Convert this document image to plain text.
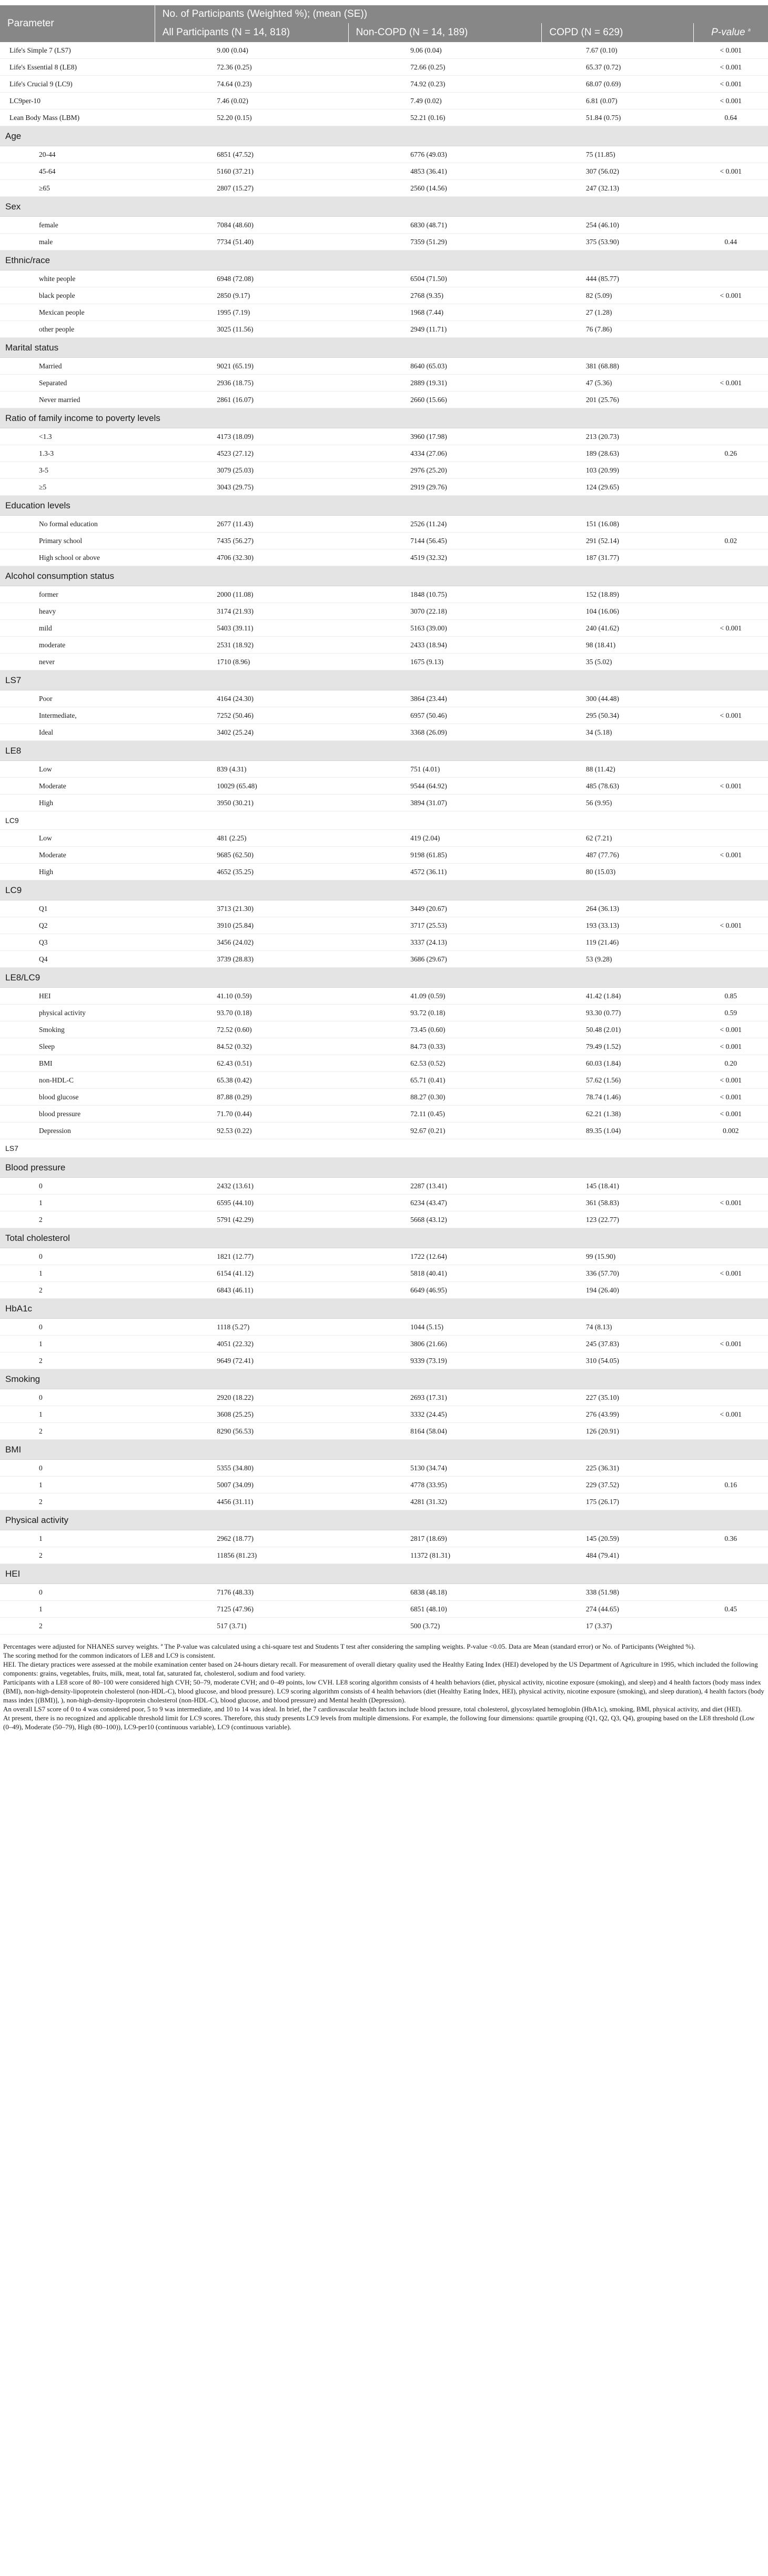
Parameter	No. of Participants (Weighted %); (mean (SE))			
	All Participants (N = 14, 818)	Non-COPD (N = 14, 189)	COPD (N = 629)	P-value $^a$
Life's Simple 7 (LS7)	9.00 (0.04)	9.06 (0.04)	7.67 (0.10)	< 0.001
Life's Essential 8 (LE8)	72.36 (0.25)	72.66 (0.25)	65.37 (0.72)	< 0.001
Life's Crucial 9 (LC9)	74.64 (0.23)	74.92 (0.23)	68.07 (0.69)	< 0.001
LC9per-10	7.46 (0.02)	7.49 (0.02)	6.81 (0.07)	< 0.001
Lean Body Mass (LBM)	52.20 (0.15)	52.21 (0.16)	51.84 (0.75)	0.64
Age				
20-44	6851 (47.52)	6776 (49.03)	75 (11.85)	
45-64	5160 (37.21)	4853 (36.41)	307 (56.02)	< 0.001
≥65	2807 (15.27)	2560 (14.56)	247 (32.13)	
Sex				
female	7084 (48.60)	6830 (48.71)	254 (46.10)	
male	7734 (51.40)	7359 (51.29)	375 (53.90)	0.44
Ethnic/race				
white people	6948 (72.08)	6504 (71.50)	444 (85.77)	
black people	2850 (9.17)	2768 (9.35)	82 (5.09)	< 0.001
Mexican people	1995 (7.19)	1968 (7.44)	27 (1.28)	
other people	3025 (11.56)	2949 (11.71)	76 (7.86)	
Marital status				
Married	9021 (65.19)	8640 (65.03)	381 (68.88)	
Separated	2936 (18.75)	2889 (19.31)	47 (5.36)	< 0.001
Never married	2861 (16.07)	2660 (15.66)	201 (25.76)	
Ratio of family income to poverty levels				
<1.3	4173 (18.09)	3960 (17.98)	213 (20.73)	
1.3-3	4523 (27.12)	4334 (27.06)	189 (28.63)	0.26
3-5	3079 (25.03)	2976 (25.20)	103 (20.99)	
≥5	3043 (29.75)	2919 (29.76)	124 (29.65)	
Education levels				
No formal education	2677 (11.43)	2526 (11.24)	151 (16.08)	
Primary school	7435 (56.27)	7144 (56.45)	291 (52.14)	0.02
High school or above	4706 (32.30)	4519 (32.32)	187 (31.77)	
Alcohol consumption status				
former	2000 (11.08)	1848 (10.75)	152 (18.89)	
heavy	3174 (21.93)	3070 (22.18)	104 (16.06)	
mild	5403 (39.11)	5163 (39.00)	240 (41.62)	< 0.001
moderate	2531 (18.92)	2433 (18.94)	98 (18.41)	
never	1710 (8.96)	1675 (9.13)	35 (5.02)	
LS7				
Poor	4164 (24.30)	3864 (23.44)	300 (44.48)	
Intermediate,	7252 (50.46)	6957 (50.46)	295 (50.34)	< 0.001
Ideal	3402 (25.24)	3368 (26.09)	34 (5.18)	
LE8				
Low	839 (4.31)	751 (4.01)	88 (11.42)	
Moderate	10029 (65.48)	9544 (64.92)	485 (78.63)	< 0.001
High	3950 (30.21)	3894 (31.07)	56 (9.95)	
LC9				
Low	481 (2.25)	419 (2.04)	62 (7.21)	
Moderate	9685 (62.50)	9198 (61.85)	487 (77.76)	< 0.001
High	4652 (35.25)	4572 (36.11)	80 (15.03)	
LC9				
Q1	3713 (21.30)	3449 (20.67)	264 (36.13)	
Q2	3910 (25.84)	3717 (25.53)	193 (33.13)	< 0.001
Q3	3456 (24.02)	3337 (24.13)	119 (21.46)	
Q4	3739 (28.83)	3686 (29.67)	53 (9.28)	
LE8/LC9				
HEI	41.10 (0.59)	41.09 (0.59)	41.42 (1.84)	0.85
physical activity	93.70 (0.18)	93.72 (0.18)	93.30 (0.77)	0.59
Smoking	72.52 (0.60)	73.45 (0.60)	50.48 (2.01)	< 0.001
Sleep	84.52 (0.32)	84.73 (0.33)	79.49 (1.52)	< 0.001
BMI	62.43 (0.51)	62.53 (0.52)	60.03 (1.84)	0.20
non-HDL-C	65.38 (0.42)	65.71 (0.41)	57.62 (1.56)	< 0.001
blood glucose	87.88 (0.29)	88.27 (0.30)	78.74 (1.46)	< 0.001
blood pressure	71.70 (0.44)	72.11 (0.45)	62.21 (1.38)	< 0.001
Depression	92.53 (0.22)	92.67 (0.21)	89.35 (1.04)	0.002
LS7				
Blood pressure				
0	2432 (13.61)	2287 (13.41)	145 (18.41)	
1	6595 (44.10)	6234 (43.47)	361 (58.83)	< 0.001
2	5791 (42.29)	5668 (43.12)	123 (22.77)	
Total cholesterol				
0	1821 (12.77)	1722 (12.64)	99 (15.90)	
1	6154 (41.12)	5818 (40.41)	336 (57.70)	< 0.001
2	6843 (46.11)	6649 (46.95)	194 (26.40)	
HbA1c				
0	1118 (5.27)	1044 (5.15)	74 (8.13)	
1	4051 (22.32)	3806 (21.66)	245 (37.83)	< 0.001
2	9649 (72.41)	9339 (73.19)	310 (54.05)	
Smoking				
0	2920 (18.22)	2693 (17.31)	227 (35.10)	
1	3608 (25.25)	3332 (24.45)	276 (43.99)	< 0.001
2	8290 (56.53)	8164 (58.04)	126 (20.91)	
BMI				
0	5355 (34.80)	5130 (34.74)	225 (36.31)	
1	5007 (34.09)	4778 (33.95)	229 (37.52)	0.16
2	4456 (31.11)	4281 (31.32)	175 (26.17)	
Physical activity				
1	2962 (18.77)	2817 (18.69)	145 (20.59)	0.36
2	11856 (81.23)	11372 (81.31)	484 (79.41)	
HEI				
0	7176 (48.33)	6838 (48.18)	338 (51.98)	
1	7125 (47.96)	6851 (48.10)	274 (44.65)	0.45
2	517 (3.71)	500 (3.72)	17 (3.37)	

Percentages were adjusted for NHANES survey weights. ª The P-value was calculated using a chi-square test and Students T test after considering the sampling weights. P-value <0.05. Data are Mean (standard error) or No. of Participants (Weighted %).

The scoring method for the common indicators of LE8 and LC9 is consistent.

HEI. The dietary practices were assessed at the mobile examination center based on 24-hours dietary recall. For measurement of overall dietary quality used the Healthy Eating Index (HEI) developed by the US Department of Agriculture in 1995, which included the following components: grains, vegetables, fruits, milk, meat, total fat, saturated fat, cholesterol, sodium and food variety.

Participants with a LE8 score of 80–100 were considered high CVH; 50–79, moderate CVH; and 0–49 points, low CVH. LE8 scoring algorithm consists of 4 health behaviors (diet, physical activity, nicotine exposure (smoking), and sleep) and 4 health factors (body mass index (BMI), non-high-density-lipoprotein cholesterol (non-HDL-C), blood glucose, and blood pressure). LC9 scoring algorithm consists of 4 health behaviors (diet (Healthy Eating Index, HEI), physical activity, nicotine exposure (smoking), and sleep duration), 4 health factors (body mass index [(BMI)], ), non-high-density-lipoprotein cholesterol (non-HDL-C), blood glucose, and blood pressure) and Mental health (Depression).

An overall LS7 score of 0 to 4 was considered poor, 5 to 9 was intermediate, and 10 to 14 was ideal. In brief, the 7 cardiovascular health factors include blood pressure, total cholesterol, glycosylated hemoglobin (HbA1c), smoking, BMI, physical activity, and diet (HEI).

At present, there is no recognized and applicable threshold limit for LC9 scores. Therefore, this study presents LC9 levels from multiple dimensions. For example, the following four dimensions: quartile grouping (Q1, Q2, Q3, Q4), grouping based on the LE8 threshold (Low (0–49), Moderate (50–79), High (80–100)), LC9-per10 (continuous variable), LC9 (continuous variable).
